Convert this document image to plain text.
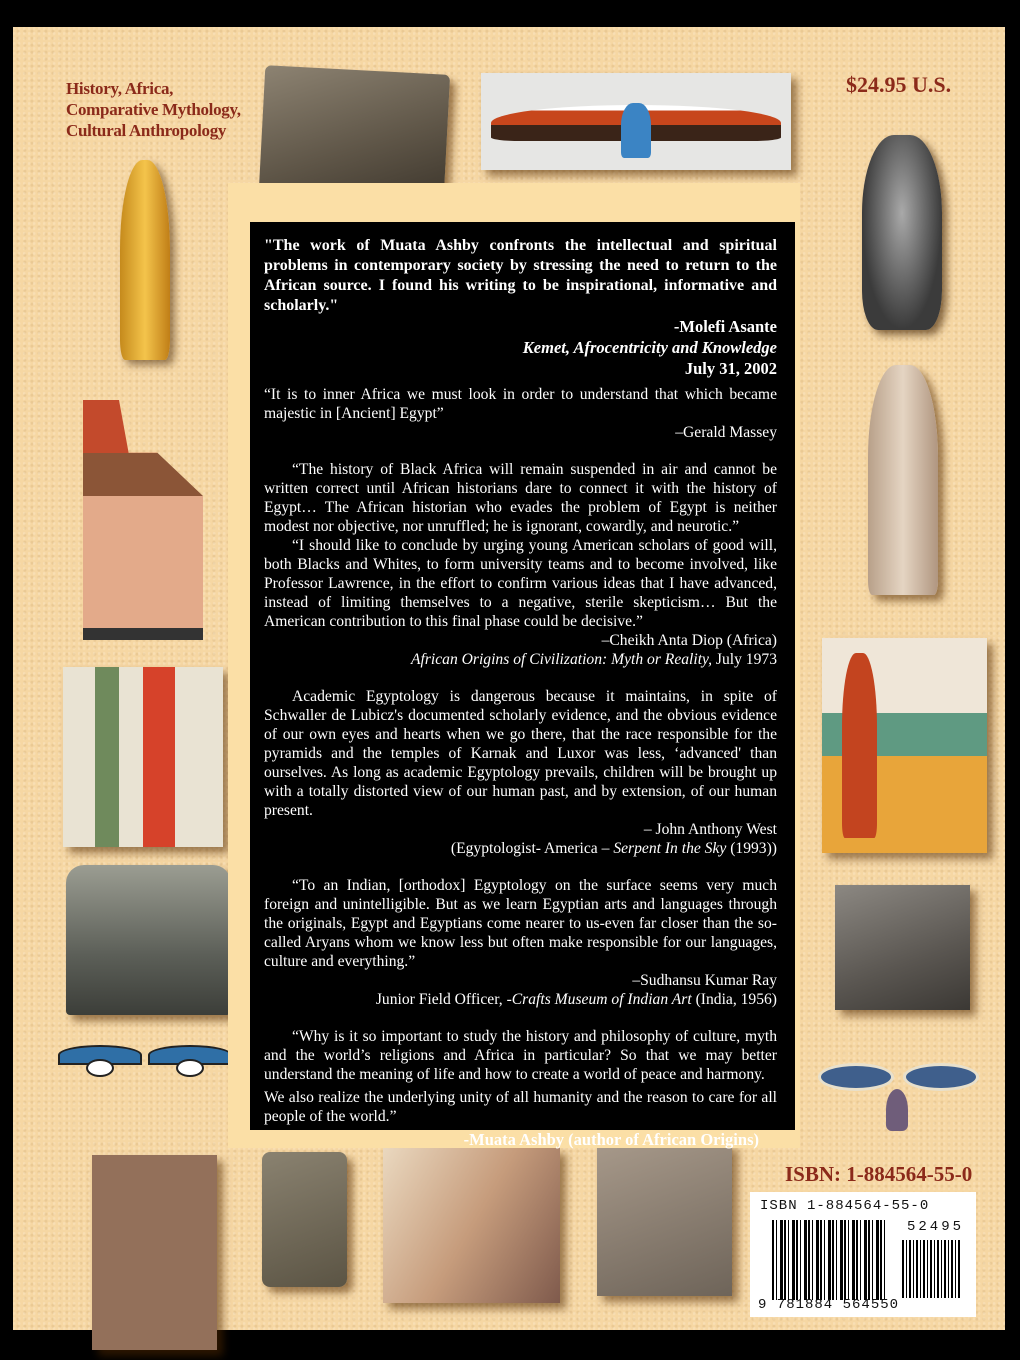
History, Africa,
Comparative Mythology,
Cultural Anthropology
$24.95 U.S.

"The work of Muata Ashby confronts the intellectual and spiritual problems in contemporary society by stressing the need to return to the African source. I found his writing to be inspirational, informative and scholarly."

-Molefi Asante
Kemet, Afrocentricity and Knowledge
July 31, 2002

“It is to inner Africa we must look in order to understand that which became majestic in [Ancient] Egypt”

–Gerald Massey

“The history of Black Africa will remain suspended in air and cannot be written correct until African historians dare to connect it with the history of Egypt… The African historian who evades the problem of Egypt is neither modest nor objective, nor unruffled; he is ignorant, cowardly, and neurotic.”

“I should like to conclude by urging young American scholars of good will, both Blacks and Whites, to form university teams and to become involved, like Professor Lawrence, in the effort to confirm various ideas that I have advanced, instead of limiting themselves to a negative, sterile skepticism… But the American contribution to this final phase could be decisive.”

–Cheikh Anta Diop (Africa)
African Origins of Civilization: Myth or Reality, July 1973

Academic Egyptology is dangerous because it maintains, in spite of Schwaller de Lubicz's documented scholarly evidence, and the obvious evidence of our own eyes and hearts when we go there, that the race responsible for the pyramids and the temples of Karnak and Luxor was less, ‘advanced' than ourselves. As long as academic Egyptology prevails, children will be brought up with a totally distorted view of our human past, and by extension, of our human present.

– John Anthony West
(Egyptologist- America – Serpent In the Sky (1993))

“To an Indian, [orthodox] Egyptology on the surface seems very much foreign and unintelligible. But as we learn Egyptian arts and languages through the originals, Egypt and Egyptians come nearer to us-even far closer than the so-called Aryans whom we know less but often make responsible for our languages, culture and everything.”

–Sudhansu Kumar Ray
Junior Field Officer, -Crafts Museum of Indian Art (India, 1956)

“Why is it so important to study the history and philosophy of culture, myth and the world’s religions and Africa in particular? So that we may better understand the meaning of life and how to create a world of peace and harmony.

We also realize the underlying unity of all humanity and the reason to care for all people of the world.”

-Muata Ashby (author of African Origins)
ISBN: 1-884564-55-0
ISBN 1-884564-55-0
52495
9 781884 564550
